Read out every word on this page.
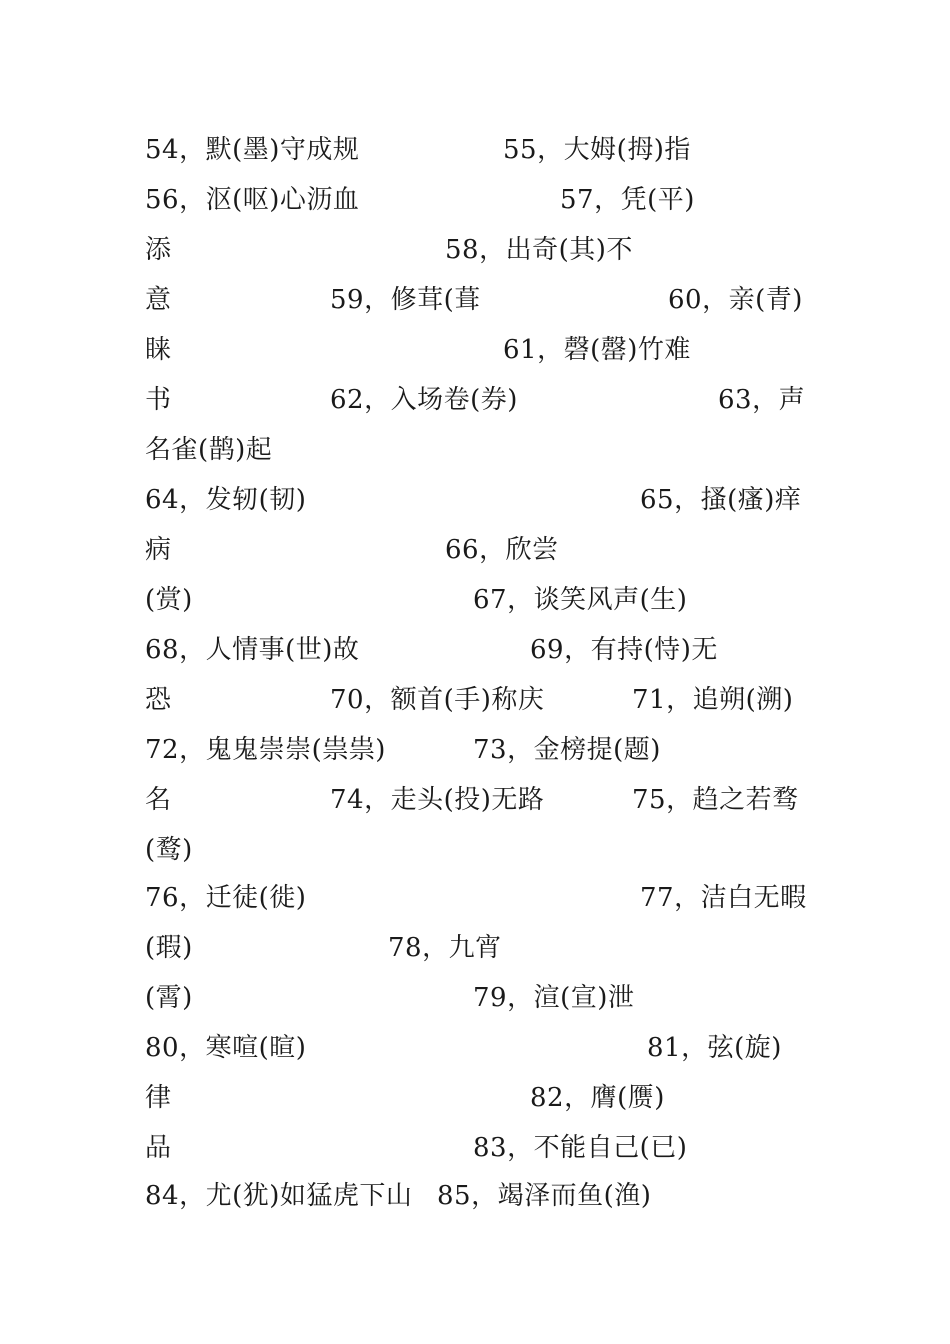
54，默(墨)守成规	55，大姆(拇)指
56，沤(呕)心沥血	57，凭(平)
添	58，出奇(其)不
意	59，修茸(葺	60，亲(青)
睐	61，磬(罄)竹难
书	62，入场卷(券)	63，声
名雀(鹊)起
64，发轫(韧)	65，搔(瘙)痒
病	66，欣尝
(赏)	67，谈笑风声(生)
68，人情事(世)故	69，有持(恃)无
恐	70，额首(手)称庆	71，追朔(溯)
72，鬼鬼崇崇(祟祟)	73，金榜提(题)
名	74，走头(投)无路	75，趋之若骛
(鹜)
76，迁徒(徙)	77，洁白无暇
(瑕)	78，九宵
(霄)	79，渲(宣)泄
80，寒喧(暄)	81，弦(旋)
律	82，膺(赝)
品	83，不能自己(已)
84，尤(犹)如猛虎下山 85，竭泽而鱼(渔)
